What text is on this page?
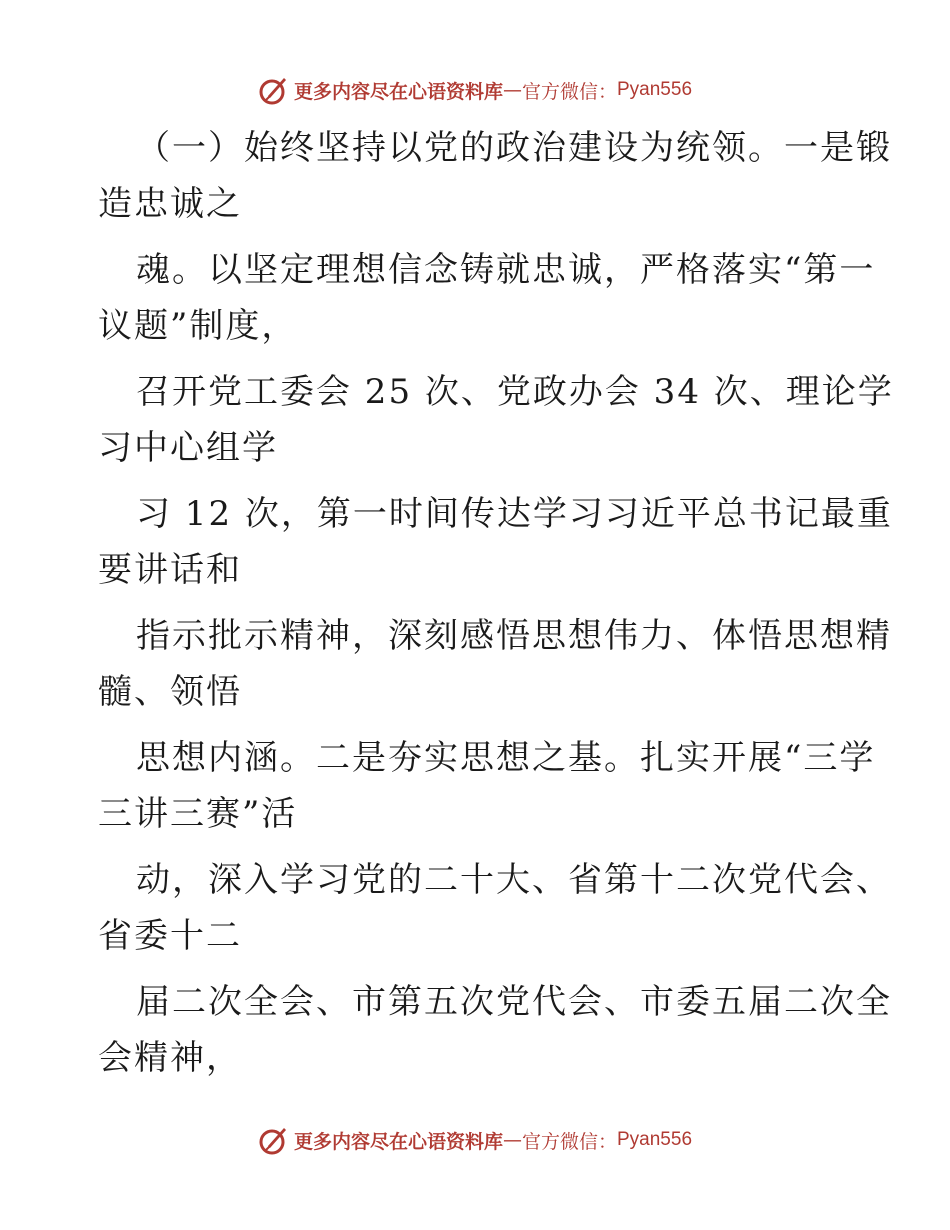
更多内容尽在心语资料库 — 官方微信： Pyan556
（一）始终坚持以党的政治建设为统领。一是锻
造忠诚之
魂。以坚定理想信念铸就忠诚，严格落实“第一
议题”制度，
召开党工委会 25 次、党政办会 34 次、理论学
习中心组学
习 12 次，第一时间传达学习习近平总书记最重
要讲话和
指示批示精神，深刻感悟思想伟力、体悟思想精
髓、领悟
思想内涵。二是夯实思想之基。扎实开展“三学
三讲三赛”活
动，深入学习党的二十大、省第十二次党代会、
省委十二
届二次全会、市第五次党代会、市委五届二次全
会精神，
更多内容尽在心语资料库 — 官方微信： Pyan556
